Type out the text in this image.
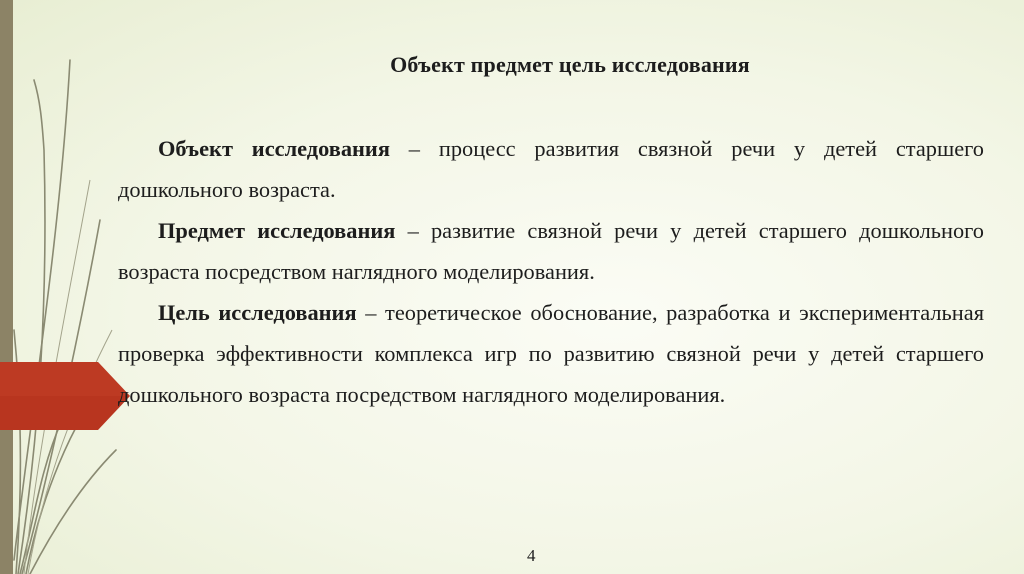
Объект предмет цель исследования

Объект исследования – процесс развития связной речи у детей старшего дошкольного возраста.

Предмет исследования – развитие связной речи у детей старшего дошкольного возраста посредством наглядного моделирования.

Цель исследования – теоретическое обоснование, разработка и экспериментальная проверка эффективности комплекса игр по развитию связной речи у детей старшего дошкольного возраста посредством наглядного моделирования.

4
